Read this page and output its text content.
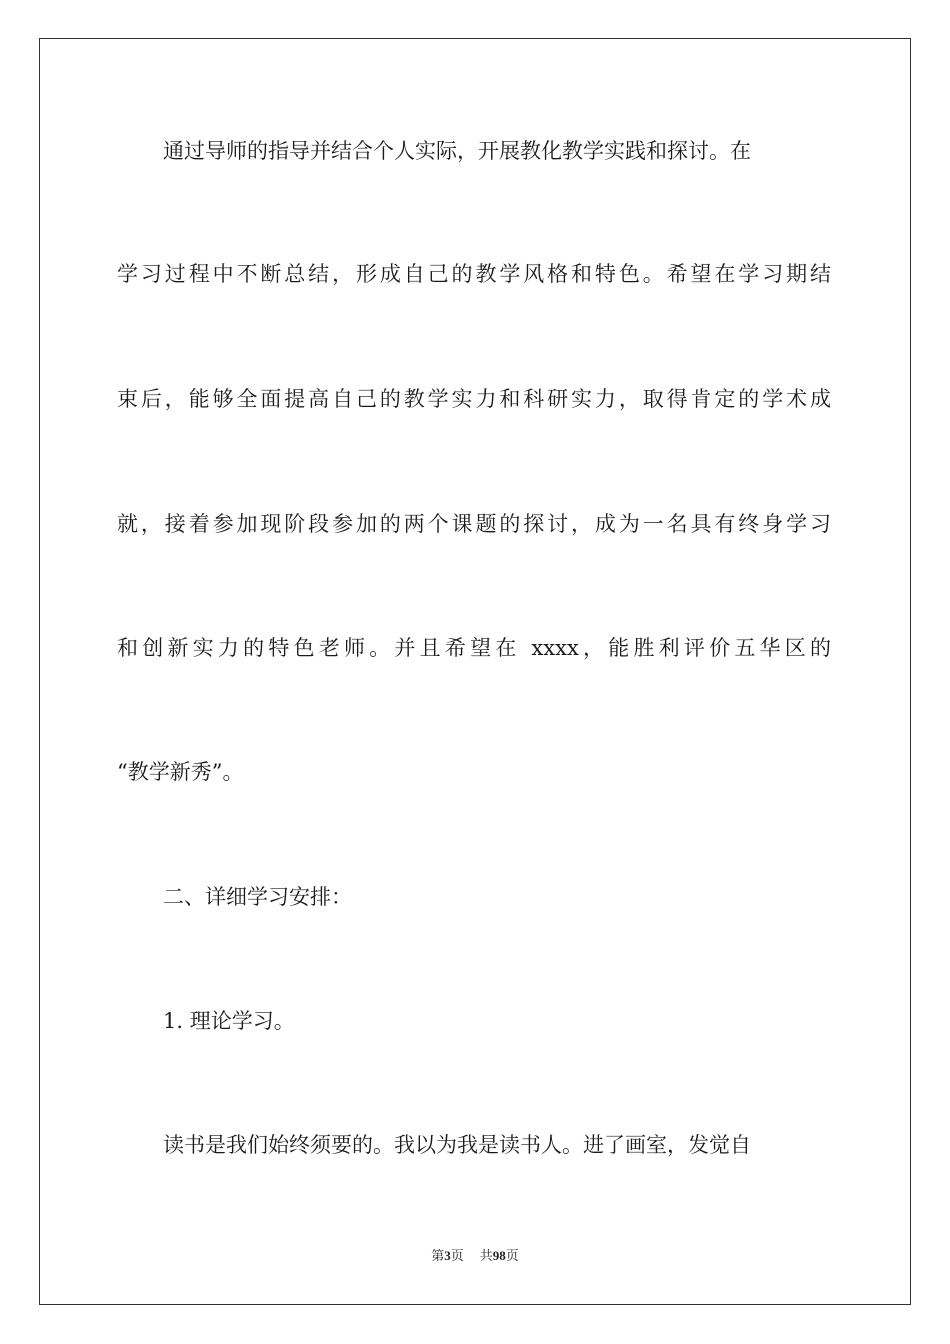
通过导师的指导并结合个人实际，开展教化教学实践和探讨。在

学习过程中不断总结，形成自己的教学风格和特色。希望在学习期结

束后，能够全面提高自己的教学实力和科研实力，取得肯定的学术成

就，接着参加现阶段参加的两个课题的探讨，成为一名具有终身学习

和创新实力的特色老师。并且希望在 xxxx，能胜利评价五华区的

“教学新秀”。

二、详细学习安排：

1. 理论学习。

读书是我们始终须要的。我以为我是读书人。进了画室，发觉自

第3页 共98页
